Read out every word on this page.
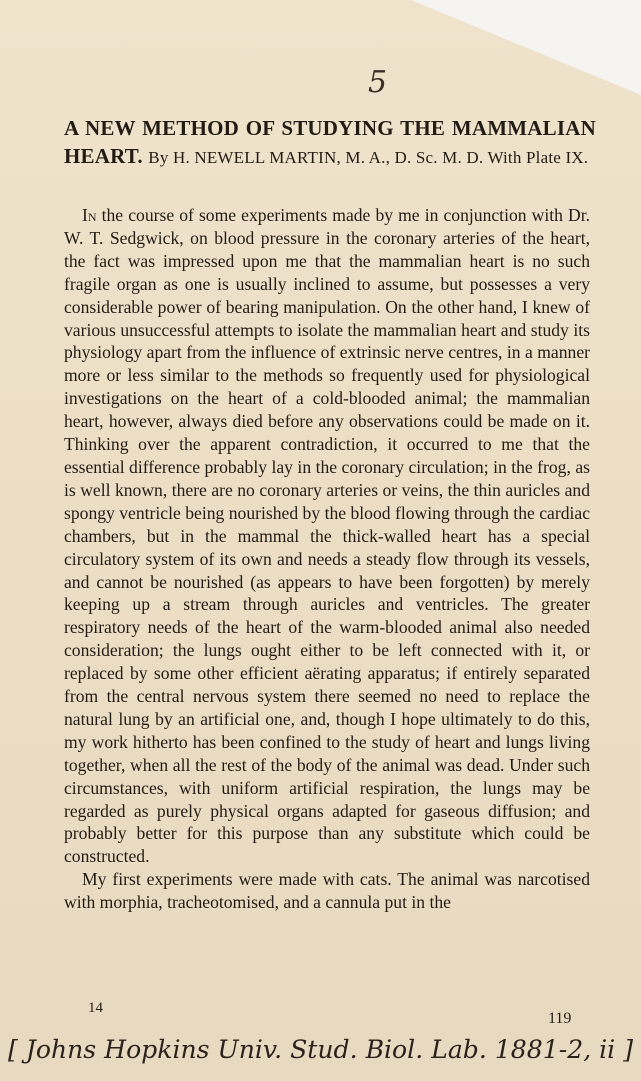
5
A NEW METHOD OF STUDYING THE MAMMALIAN HEART. By H. NEWELL MARTIN, M. A., D. Sc. M. D. With Plate IX.

In the course of some experiments made by me in conjunction with Dr. W. T. Sedgwick, on blood pressure in the coronary arteries of the heart, the fact was impressed upon me that the mammalian heart is no such fragile organ as one is usually inclined to assume, but possesses a very considerable power of bearing manipulation. On the other hand, I knew of various unsuccessful attempts to isolate the mammalian heart and study its physiology apart from the influence of extrinsic nerve centres, in a manner more or less similar to the methods so frequently used for physiological investigations on the heart of a cold-blooded animal; the mammalian heart, however, always died before any observations could be made on it. Thinking over the apparent contradiction, it occurred to me that the essential difference probably lay in the coronary circulation; in the frog, as is well known, there are no coronary arteries or veins, the thin auricles and spongy ventricle being nourished by the blood flowing through the cardiac chambers, but in the mammal the thick-walled heart has a special circulatory system of its own and needs a steady flow through its vessels, and cannot be nourished (as appears to have been forgotten) by merely keeping up a stream through auricles and ventricles. The greater respiratory needs of the heart of the warm-blooded animal also needed consideration; the lungs ought either to be left connected with it, or replaced by some other efficient aërating apparatus; if entirely separated from the central nervous system there seemed no need to replace the natural lung by an artificial one, and, though I hope ultimately to do this, my work hitherto has been confined to the study of heart and lungs living together, when all the rest of the body of the animal was dead. Under such circumstances, with uniform artificial respiration, the lungs may be regarded as purely physical organs adapted for gaseous diffusion; and probably better for this purpose than any substitute which could be constructed.

My first experiments were made with cats. The animal was narcotised with morphia, tracheotomised, and a cannula put in the

14
119
[ Johns Hopkins Univ. Stud. Biol. Lab. 1881-2, ii ]
